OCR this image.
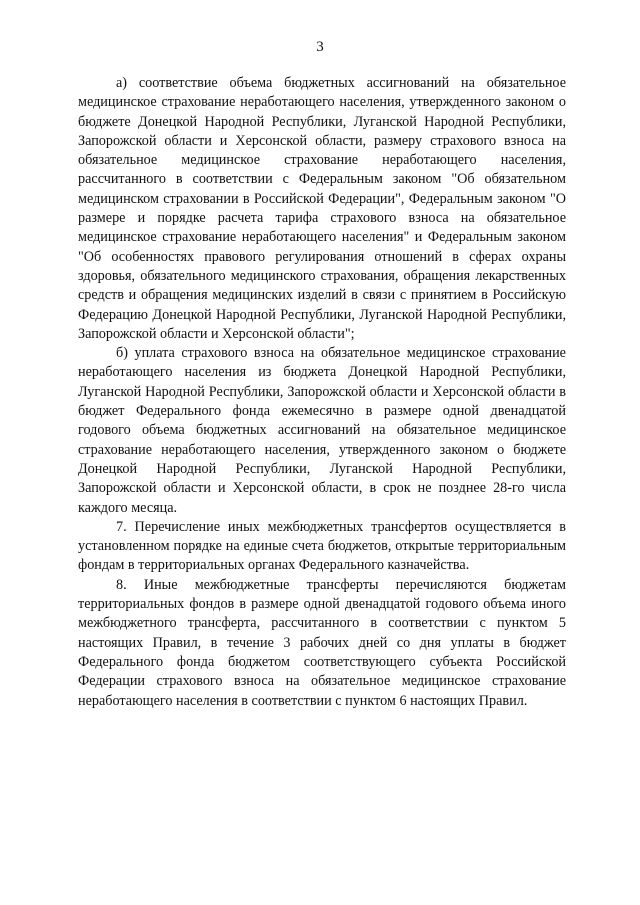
3

а) соответствие объема бюджетных ассигнований на обязательное медицинское страхование неработающего населения, утвержденного законом о бюджете Донецкой Народной Республики, Луганской Народной Республики, Запорожской области и Херсонской области, размеру страхового взноса на обязательное медицинское страхование неработающего населения, рассчитанного в соответствии с Федеральным законом "Об обязательном медицинском страховании в Российской Федерации", Федеральным законом "О размере и порядке расчета тарифа страхового взноса на обязательное медицинское страхование неработающего населения" и Федеральным законом "Об особенностях правового регулирования отношений в сферах охраны здоровья, обязательного медицинского страхования, обращения лекарственных средств и обращения медицинских изделий в связи с принятием в Российскую Федерацию Донецкой Народной Республики, Луганской Народной Республики, Запорожской области и Херсонской области";

б) уплата страхового взноса на обязательное медицинское страхование неработающего населения из бюджета Донецкой Народной Республики, Луганской Народной Республики, Запорожской области и Херсонской области в бюджет Федерального фонда ежемесячно в размере одной двенадцатой годового объема бюджетных ассигнований на обязательное медицинское страхование неработающего населения, утвержденного законом о бюджете Донецкой Народной Республики, Луганской Народной Республики, Запорожской области и Херсонской области, в срок не позднее 28-го числа каждого месяца.

7. Перечисление иных межбюджетных трансфертов осуществляется в установленном порядке на единые счета бюджетов, открытые территориальным фондам в территориальных органах Федерального казначейства.

8. Иные межбюджетные трансферты перечисляются бюджетам территориальных фондов в размере одной двенадцатой годового объема иного межбюджетного трансферта, рассчитанного в соответствии с пунктом 5 настоящих Правил, в течение 3 рабочих дней со дня уплаты в бюджет Федерального фонда бюджетом соответствующего субъекта Российской Федерации страхового взноса на обязательное медицинское страхование неработающего населения в соответствии с пунктом 6 настоящих Правил.
